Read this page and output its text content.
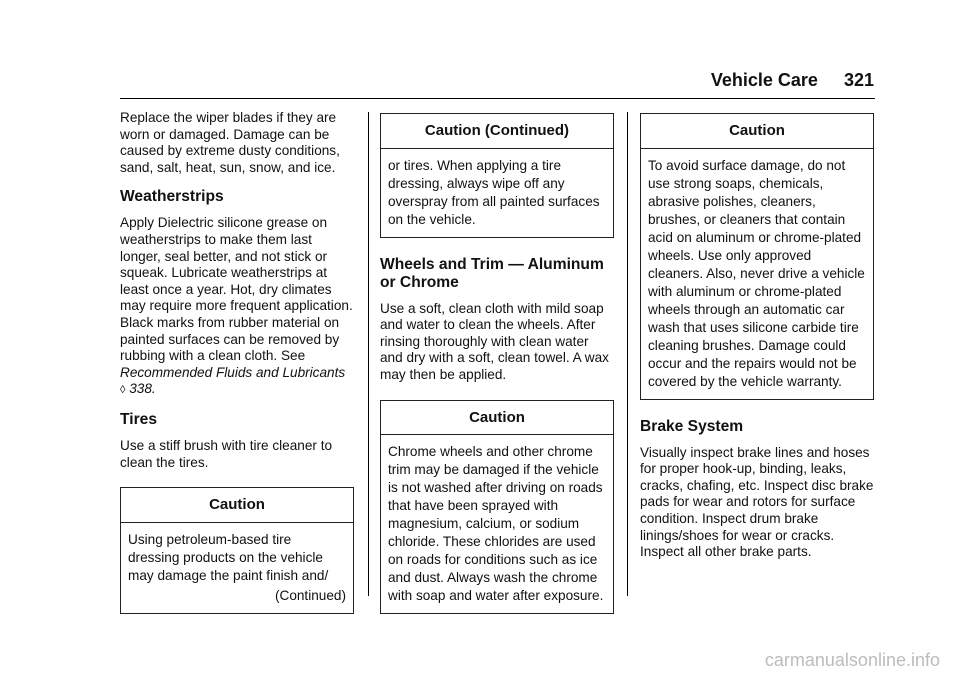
Vehicle Care 321

Replace the wiper blades if they are worn or damaged. Damage can be caused by extreme dusty conditions, sand, salt, heat, sun, snow, and ice.

Weatherstrips

Apply Dielectric silicone grease on weatherstrips to make them last longer, seal better, and not stick or squeak. Lubricate weatherstrips at least once a year. Hot, dry climates may require more frequent application. Black marks from rubber material on painted surfaces can be removed by rubbing with a clean cloth. See Recommended Fluids and Lubricants ◊ 338.

Tires

Use a stiff brush with tire cleaner to clean the tires.

Caution
Using petroleum-based tire dressing products on the vehicle may damage the paint finish and/
(Continued)
Caution (Continued)
or tires. When applying a tire dressing, always wipe off any overspray from all painted surfaces on the vehicle.
Wheels and Trim — Aluminum or Chrome

Use a soft, clean cloth with mild soap and water to clean the wheels. After rinsing thoroughly with clean water and dry with a soft, clean towel. A wax may then be applied.

Caution
Chrome wheels and other chrome trim may be damaged if the vehicle is not washed after driving on roads that have been sprayed with magnesium, calcium, or sodium chloride. These chlorides are used on roads for conditions such as ice and dust. Always wash the chrome with soap and water after exposure.
Caution
To avoid surface damage, do not use strong soaps, chemicals, abrasive polishes, cleaners, brushes, or cleaners that contain acid on aluminum or chrome-plated wheels. Use only approved cleaners. Also, never drive a vehicle with aluminum or chrome-plated wheels through an automatic car wash that uses silicone carbide tire cleaning brushes. Damage could occur and the repairs would not be covered by the vehicle warranty.
Brake System

Visually inspect brake lines and hoses for proper hook-up, binding, leaks, cracks, chafing, etc. Inspect disc brake pads for wear and rotors for surface condition. Inspect drum brake linings/shoes for wear or cracks. Inspect all other brake parts.

carmanualsonline.info
